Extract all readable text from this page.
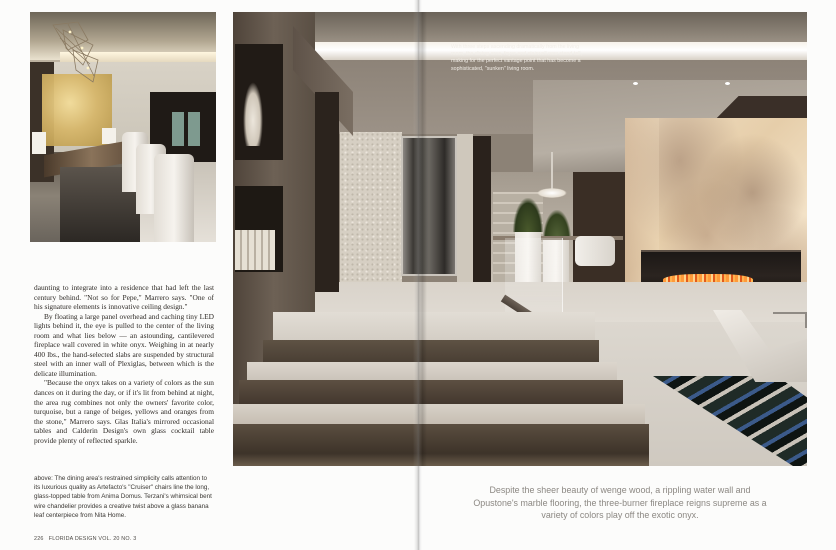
daunting to integrate into a residence that had left the last century behind. "Not so for Pepe," Marrero says. "One of his signature elements is innovative ceiling design."

By floating a large panel overhead and caching tiny LED lights behind it, the eye is pulled to the center of the living room and what lies below — an astounding, cantilevered fireplace wall covered in white onyx. Weighing in at nearly 400 lbs., the hand-selected slabs are suspended by structural steel with an inner wall of Plexiglas, between which is the delicate illumination.

"Because the onyx takes on a variety of colors as the sun dances on it during the day, or if it's lit from behind at night, the area rug combines not only the owners' favorite color, turquoise, but a range of beiges, yellows and oranges from the stone," Marrero says. Glas Italia's mirrored occasional tables and Calderin Design's own glass cocktail table provide plenty of reflected sparkle.

above: The dining area's restrained simplicity calls attention to its luxurious quality as Artefacto's "Cruiser" chairs line the long, glass-topped table from Anima Domus. Terzani's whimsical bent wire chandelier provides a creative twist above a glass banana leaf centerpiece from Nita Home.
226 FLORIDA DESIGN VOL. 20 NO. 3
With three steps ascending dramatically from the living room, the dining area, foyer and stairwell now stand tall, making for the perfect vantage point that has become a sophisticated, "sunken" living room.
Despite the sheer beauty of wenge wood, a rippling water wall and Opustone's marble flooring, the three-burner fireplace reigns supreme as a variety of colors play off the exotic onyx.
